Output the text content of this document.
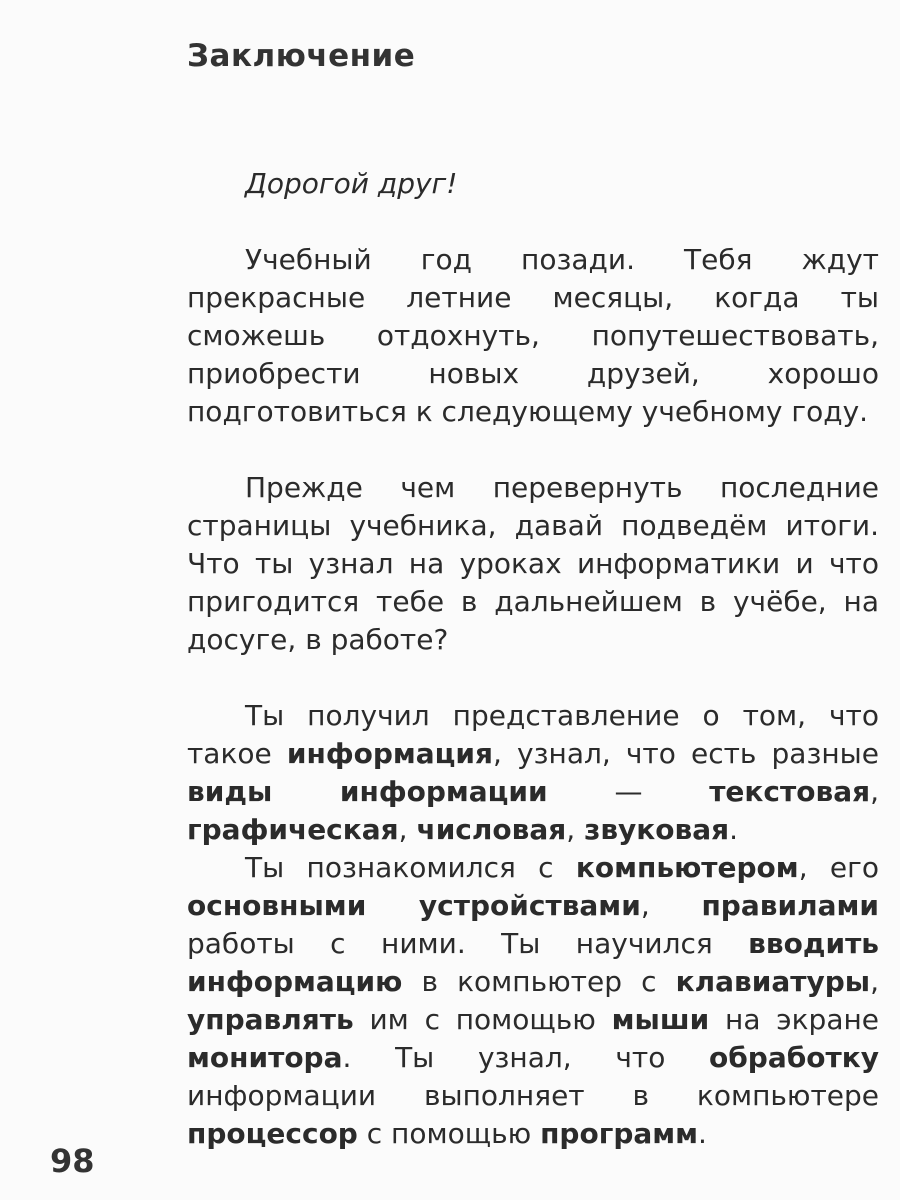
Заключение

Дорогой друг!

Учебный год позади. Тебя ждут прекрасные летние месяцы, когда ты сможешь отдохнуть, попутешествовать, приобрести новых друзей, хорошо подготовиться к следующему учебному году.

Прежде чем перевернуть последние страницы учебника, давай подведём итоги. Что ты узнал на уроках информатики и что пригодится тебе в дальнейшем в учёбе, на досуге, в работе?

Ты получил представление о том, что такое информация, узнал, что есть разные виды информации — текстовая, графическая, числовая, звуковая.

Ты познакомился с компьютером, его основными устройствами, правилами работы с ними. Ты научился вводить информацию в компьютер с клавиатуры, управлять им с помощью мыши на экране монитора. Ты узнал, что обработку информации выполняет в компьютере процессор с помощью программ.

98
